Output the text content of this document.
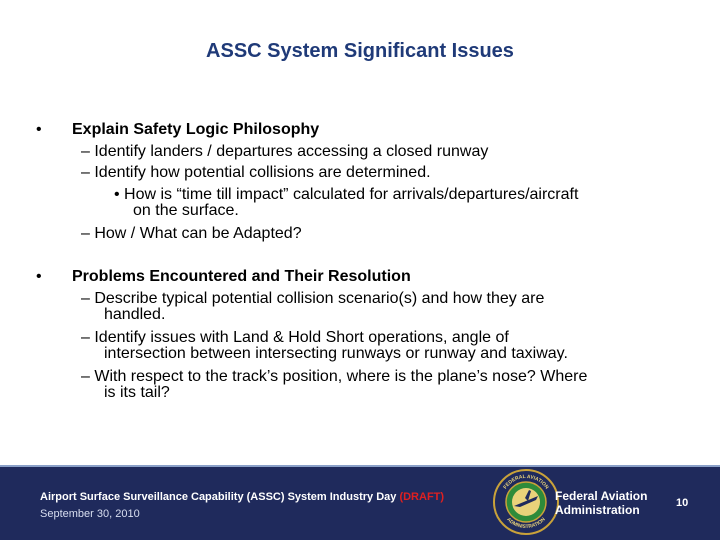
ASSC System Significant Issues
• Explain Safety Logic Philosophy
– Identify landers / departures accessing a closed runway
– Identify how potential collisions are determined.
• How is “time till impact” calculated for arrivals/departures/aircraft
on the surface.
– How / What can be Adapted?
• Problems Encountered and Their Resolution
– Describe typical potential collision scenario(s) and how they are
handled.
– Identify issues with Land & Hold Short operations, angle of
intersection between intersecting runways or runway and taxiway.
– With respect to the track’s position, where is the plane’s nose? Where
is its tail?
Airport Surface Surveillance Capability (ASSC) System Industry Day (DRAFT)
September 30, 2010
FEDERAL AVIATION
ADMINISTRATION
Federal Aviation
Administration	10
